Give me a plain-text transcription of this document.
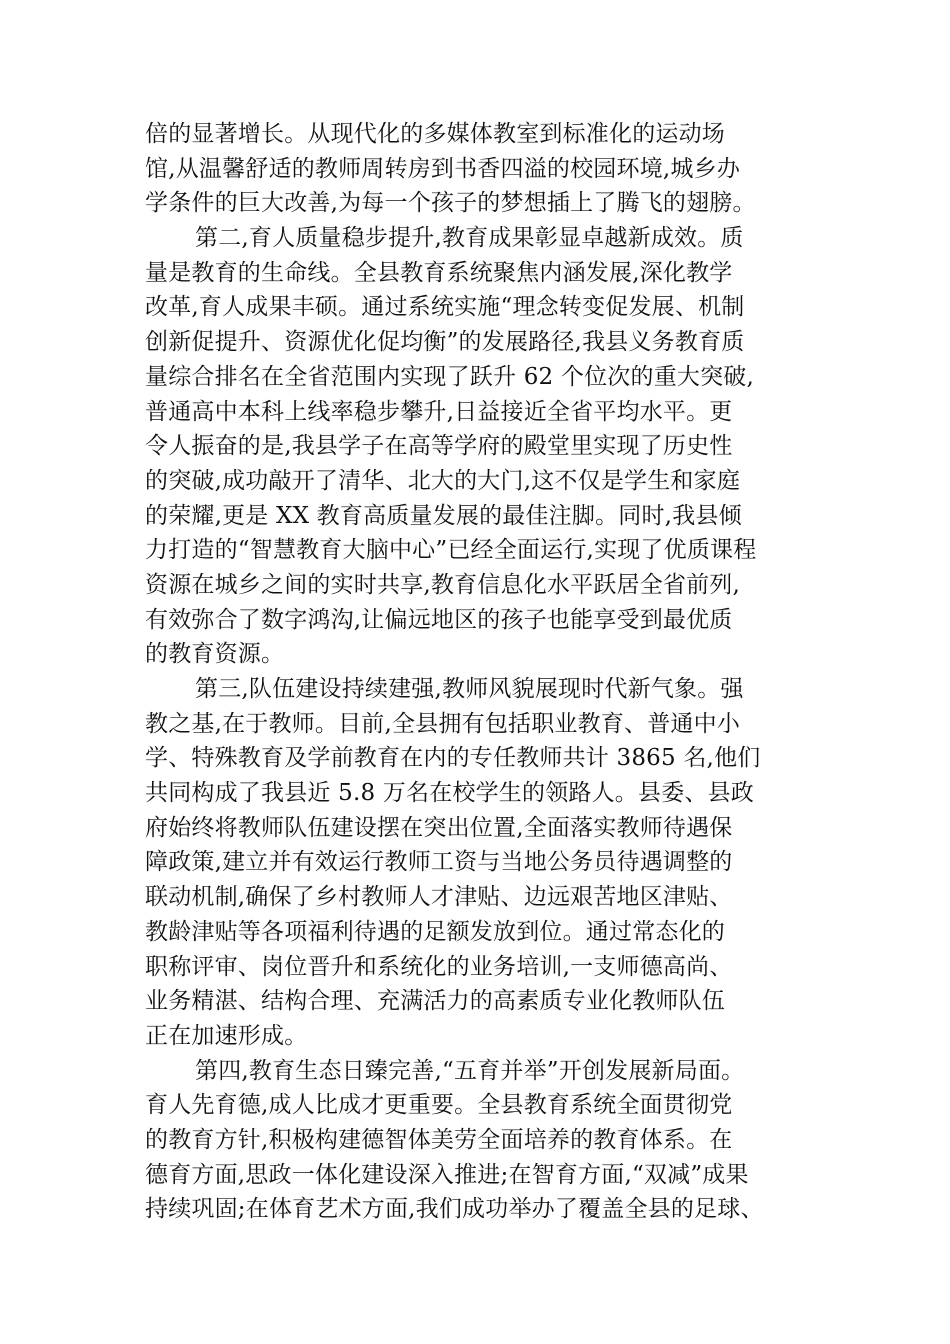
倍的显著增长。从现代化的多媒体教室到标准化的运动场
馆,从温馨舒适的教师周转房到书香四溢的校园环境,城乡办
学条件的巨大改善,为每一个孩子的梦想插上了腾飞的翅膀。
第二,育人质量稳步提升,教育成果彰显卓越新成效。质
量是教育的生命线。全县教育系统聚焦内涵发展,深化教学
改革,育人成果丰硕。通过系统实施“理念转变促发展、机制
创新促提升、资源优化促均衡”的发展路径,我县义务教育质
量综合排名在全省范围内实现了跃升 62 个位次的重大突破,
普通高中本科上线率稳步攀升,日益接近全省平均水平。更
令人振奋的是,我县学子在高等学府的殿堂里实现了历史性
的突破,成功敲开了清华、北大的大门,这不仅是学生和家庭
的荣耀,更是 XX 教育高质量发展的最佳注脚。同时,我县倾
力打造的“智慧教育大脑中心”已经全面运行,实现了优质课程
资源在城乡之间的实时共享,教育信息化水平跃居全省前列,
有效弥合了数字鸿沟,让偏远地区的孩子也能享受到最优质
的教育资源。
第三,队伍建设持续建强,教师风貌展现时代新气象。强
教之基,在于教师。目前,全县拥有包括职业教育、普通中小
学、特殊教育及学前教育在内的专任教师共计 3865 名,他们
共同构成了我县近 5.8 万名在校学生的领路人。县委、县政
府始终将教师队伍建设摆在突出位置,全面落实教师待遇保
障政策,建立并有效运行教师工资与当地公务员待遇调整的
联动机制,确保了乡村教师人才津贴、边远艰苦地区津贴、
教龄津贴等各项福利待遇的足额发放到位。通过常态化的
职称评审、岗位晋升和系统化的业务培训,一支师德高尚、
业务精湛、结构合理、充满活力的高素质专业化教师队伍
正在加速形成。
第四,教育生态日臻完善,“五育并举”开创发展新局面。
育人先育德,成人比成才更重要。全县教育系统全面贯彻党
的教育方针,积极构建德智体美劳全面培养的教育体系。在
德育方面,思政一体化建设深入推进;在智育方面,“双减”成果
持续巩固;在体育艺术方面,我们成功举办了覆盖全县的足球、
